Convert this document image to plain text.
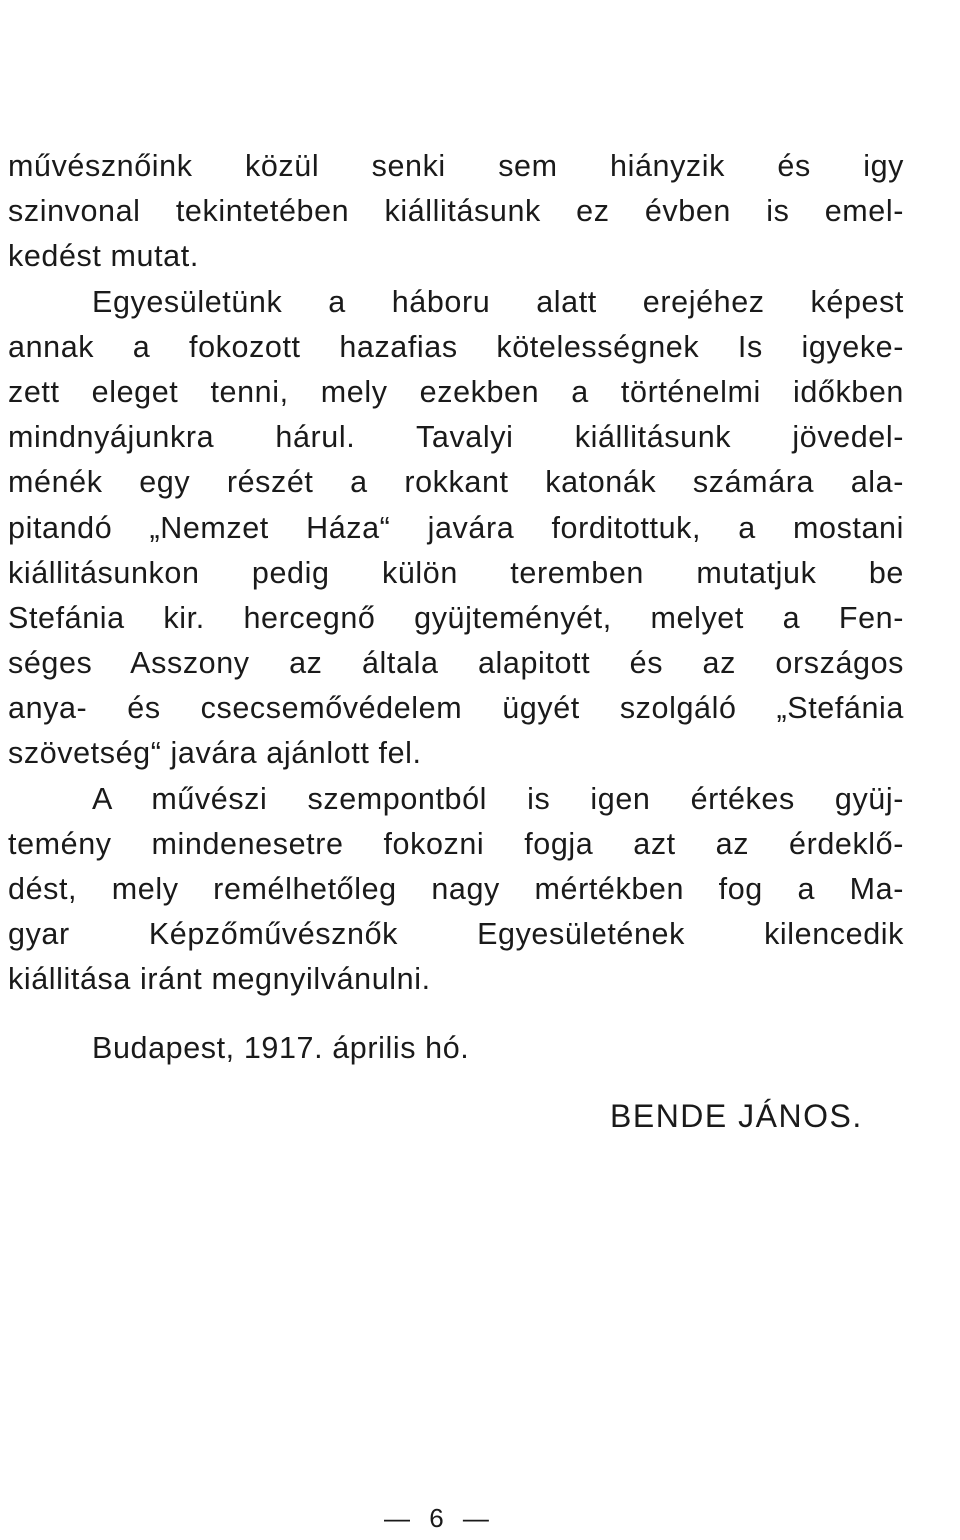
művésznőink közül senki sem hiányzik és igy
szinvonal tekintetében kiállitásunk ez évben is emel-
kedést mutat.
Egyesületünk a háboru alatt erejéhez képest
annak a fokozott hazafias kötelességnek Is igyeke-
zett eleget tenni, mely ezekben a történelmi időkben
mindnyájunkra hárul. Tavalyi kiállitásunk jövedel-
ménék egy részét a rokkant katonák számára ala-
pitandó „Nemzet Háza“ javára forditottuk, a mostani
kiállitásunkon pedig külön teremben mutatjuk be
Stefánia kir. hercegnő gyüjteményét, melyet a Fen-
séges Asszony az általa alapitott és az országos
anya- és csecsemővédelem ügyét szolgáló „Stefánia
szövetség“ javára ajánlott fel.
A művészi szempontból is igen értékes gyüj-
temény mindenesetre fokozni fogja azt az érdeklő-
dést, mely remélhetőleg nagy mértékben fog a Ma-
gyar Képzőművésznők Egyesületének kilencedik
kiállitása iránt megnyilvánulni.
Budapest, 1917. április hó.
BENDE JÁNOS.
— 6 —
